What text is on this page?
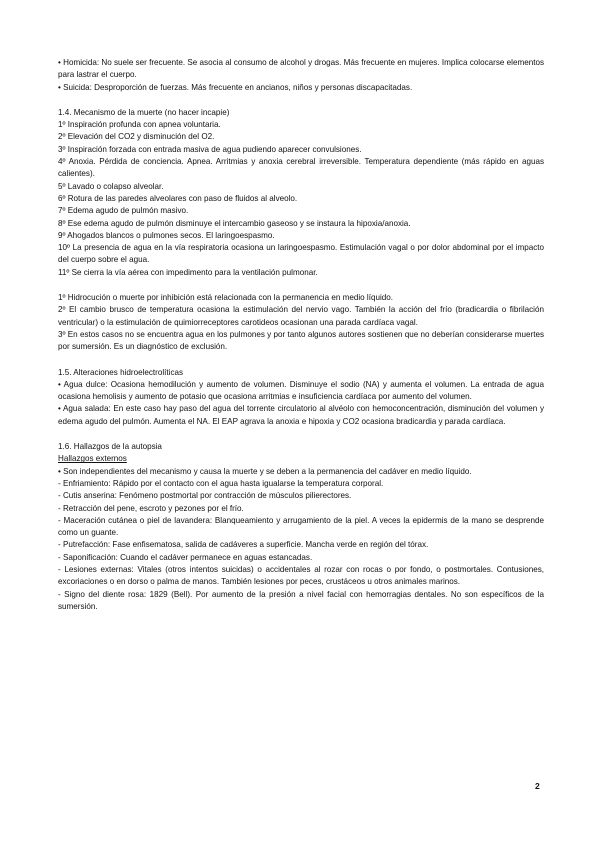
• Homicida: No suele ser frecuente. Se asocia al consumo de alcohol y drogas. Más frecuente en mujeres. Implica colocarse elementos para lastrar el cuerpo.

• Suicida: Desproporción de fuerzas. Más frecuente en ancianos, niños y personas discapacitadas.

1.4. Mecanismo de la muerte (no hacer incapie)

1º Inspiración profunda con apnea voluntaria.

2º Elevación del CO2 y disminución del O2.

3º Inspiración forzada con entrada masiva de agua pudiendo aparecer convulsiones.

4º Anoxia. Pérdida de conciencia. Apnea. Arritmias y anoxia cerebral irreversible. Temperatura dependiente (más rápido en aguas calientes).

5º Lavado o colapso alveolar.

6º Rotura de las paredes alveolares con paso de fluidos al alveolo.

7º Edema agudo de pulmón masivo.

8º Ese edema agudo de pulmón disminuye el intercambio gaseoso y se instaura la hipoxia/anoxia.

9º Ahogados blancos o pulmones secos. El laringoespasmo.

10º La presencia de agua en la vía respiratoria ocasiona un laringoespasmo. Estimulación vagal o por dolor abdominal por el impacto del cuerpo sobre el agua.

11º Se cierra la vía aérea con impedimento para la ventilación pulmonar.

1º Hidrocución o muerte por inhibición está relacionada con la permanencia en medio líquido.

2º El cambio brusco de temperatura ocasiona la estimulación del nervio vago. También la acción del frío (bradicardia o fibrilación ventricular) o la estimulación de quimiorreceptores carotideos ocasionan una parada cardíaca vagal.

3º En estos casos no se encuentra agua en los pulmones y por tanto algunos autores sostienen que no deberían considerarse muertes por sumersión. Es un diagnóstico de exclusión.

1.5. Alteraciones hidroelectrolíticas

• Agua dulce: Ocasiona hemodilución y aumento de volumen. Disminuye el sodio (NA) y aumenta el volumen. La entrada de agua ocasiona hemolisis y aumento de potasio que ocasiona arritmias e insuficiencia cardíaca por aumento del volumen.

• Agua salada: En este caso hay paso del agua del torrente circulatorio al alvéolo con hemoconcentración, disminución del volumen y edema agudo del pulmón. Aumenta el NA. El EAP agrava la anoxia e hipoxia y CO2 ocasiona bradicardia y parada cardíaca.

1.6. Hallazgos de la autopsia

Hallazgos externos

• Son independientes del mecanismo y causa la muerte y se deben a la permanencia del cadáver en medio líquido.

- Enfriamiento: Rápido por el contacto con el agua hasta igualarse la temperatura corporal.

- Cutis anserina: Fenómeno postmortal por contracción de músculos pilierectores.

- Retracción del pene, escroto y pezones por el frío.

- Maceración cutánea o piel de lavandera: Blanqueamiento y arrugamiento de la piel. A veces la epidermis de la mano se desprende como un guante.

- Putrefacción: Fase enfisematosa, salida de cadáveres a superficie. Mancha verde en región del tórax.

- Saponificación: Cuando el cadáver permanece en aguas estancadas.

- Lesiones externas: Vitales (otros intentos suicidas) o accidentales al rozar con rocas o por fondo, o postmortales. Contusiones, excoriaciones o en dorso o palma de manos. También lesiones por peces, crustáceos u otros animales marinos.

- Signo del diente rosa: 1829 (Bell). Por aumento de la presión a nivel facial con hemorragias dentales. No son específicos de la sumersión.

2
